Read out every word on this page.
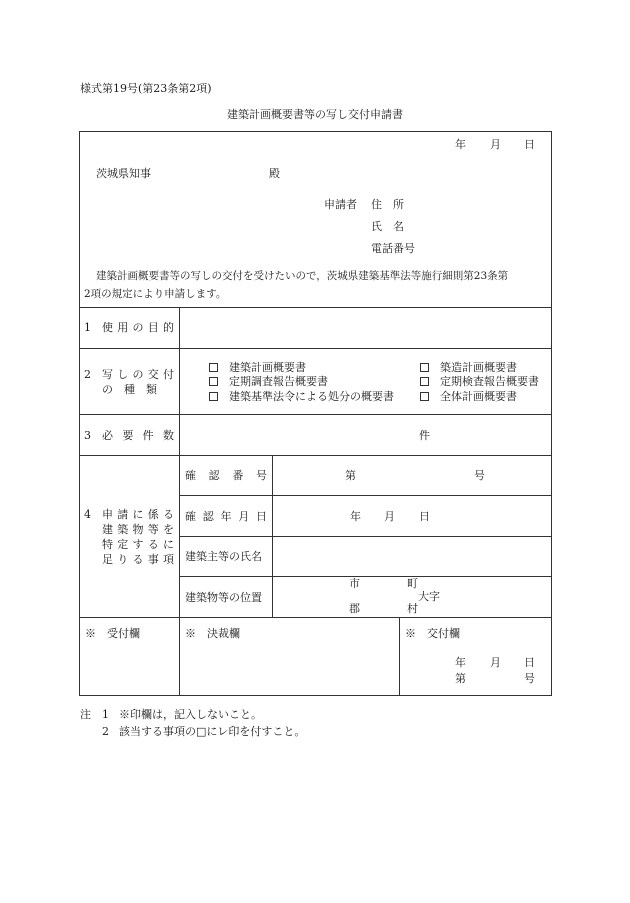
様式第19号(第23条第2項)
建築計画概要書等の写し交付申請書
年 月 日
茨城県知事	殿
申請者 住　所
氏　名
電話番号
建築計画概要書等の写しの交付を受けたいので，茨城県建築基準法等施行細則第23条第
2項の規定により申請します。
1 使用の目的
2 写しの交付
の　種　類
建築計画概要書
定期調査報告概要書
建築基準法令による処分の概要書
築造計画概要書
定期検査報告概要書
全体計画概要書
3 必要件数	件
4 申請に係る
建築物等を
特定するに
足りる事項
確認番号	第	号
確認年月日	年 月 日
建築主等の氏名
建築物等の位置
市
郡
町
村
大字
※　受付欄	※　決裁欄	※　交付欄
年 月 日
第	号
注 1 ※印欄は，記入しないこと。
2 該当する事項の□にレ印を付すこと。
